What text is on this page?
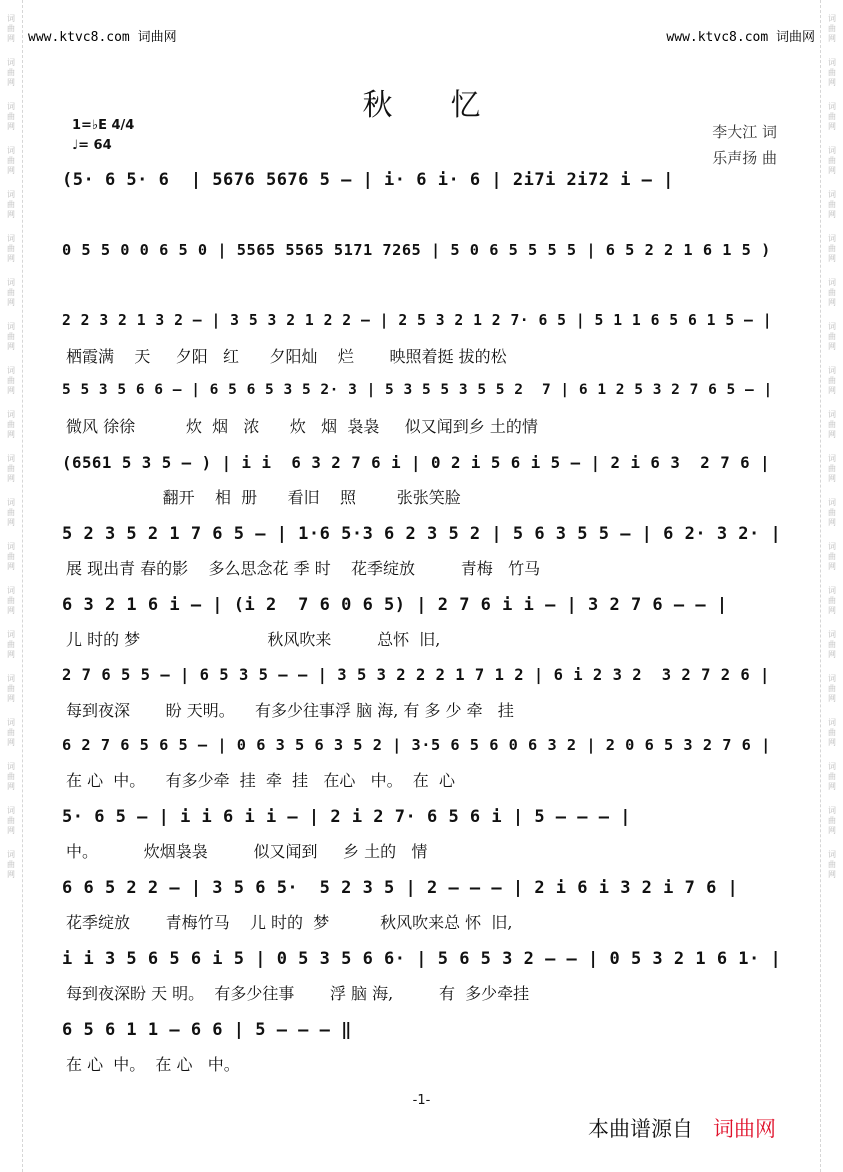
词
曲
网
词
曲
网
词
曲
网
词
曲
网
词
曲
网
词
曲
网
词
曲
网
词
曲
网
词
曲
网
词
曲
网
词
曲
网
词
曲
网
词
曲
网
词
曲
网
词
曲
网
词
曲
网
词
曲
网
词
曲
网
词
曲
网
词
曲
网
词
曲
网
词
曲
网
词
曲
网
词
曲
网
词
曲
网
词
曲
网
词
曲
网
词
曲
网
词
曲
网
词
曲
网
词
曲
网
词
曲
网
词
曲
网
词
曲
网
词
曲
网
词
曲
网
词
曲
网
词
曲
网
词
曲
网
词
曲
网
www.ktvc8.com 词曲网	www.ktvc8.com 词曲网
秋忆
1=♭E 4/4
♩= 64
李大江 词
乐声扬 曲
(5· 6 5· 6  | 5676 5676 5 – | i· 6 i· 6 | 2i7i 2i72 i – |
0 5 5 0 0 6 5 0 | 5565 5565 5171 7265 | 5 0 6 5 5 5 5 | 6 5 2 2 1 6 1 5 )
2 2 3 2 1 3 2 – | 3 5 3 2 1 2 2 – | 2 5 3 2 1 2 7· 6 5 | 5 1 1 6 5 6 1 5 – |
栖霞满    天     夕阳   红      夕阳灿    烂       映照着挺 拔的松
5 5 3 5 6 6 – | 6 5 6 5 3 5 2· 3 | 5 3 5 5 3 5 5 2  7 | 6 1 2 5 3 2 7 6 5 – |
微风 徐徐          炊  烟   浓      炊   烟  袅袅     似又闻到乡 土的情
(6561 5 3 5 – ) | i i  6 3 2 7 6 i | 0 2 i 5 6 i 5 – | 2 i 6 3  2 7 6 |
翻开    相  册      看旧    照        张张笑脸
5 2 3 5 2 1 7 6 5 – | 1·6 5·3 6 2 3 5 2 | 5 6 3 5 5 – | 6 2· 3 2· |
展 现出青 春的影    多么思念花 季 时    花季绽放         青梅   竹马
6 3 2 1 6 i – | (i 2  7 6 0 6 5) | 2 7 6 i i – | 3 2 7 6 – – |
儿 时的 梦                         秋风吹来         总怀  旧,
2 7 6 5 5 – | 6 5 3 5 – – | 3 5 3 2 2 2 1 7 1 2 | 6 i 2 3 2  3 2 7 2 6 |
每到夜深       盼 天明。    有多少往事浮 脑 海, 有 多 少 牵   挂
6 2 7 6 5 6 5 – | 0 6 3 5 6 3 5 2 | 3·5 6 5 6 0 6 3 2 | 2 0 6 5 3 2 7 6 |
在 心  中。    有多少牵  挂  牵  挂   在心   中。  在  心
5· 6 5 – | i i 6 i i – | 2 i 2 7· 6 5 6 i | 5 – – – |
中。         炊烟袅袅         似又闻到     乡 土的   情
6 6 5 2 2 – | 3 5 6 5·  5 2 3 5 | 2 – – – | 2 i 6 i 3 2 i 7 6 |
花季绽放       青梅竹马    儿 时的  梦          秋风吹来总 怀  旧,
i i 3 5 6 5 6 i 5 | 0 5 3 5 6 6· | 5 6 5 3 2 – – | 0 5 3 2 1 6 1· |
每到夜深盼 天 明。  有多少往事       浮 脑 海,         有  多少牵挂
6 5 6 1 1 – 6 6 | 5 – – – ‖
在 心  中。  在 心   中。
-1-
本曲谱源自 词曲网
